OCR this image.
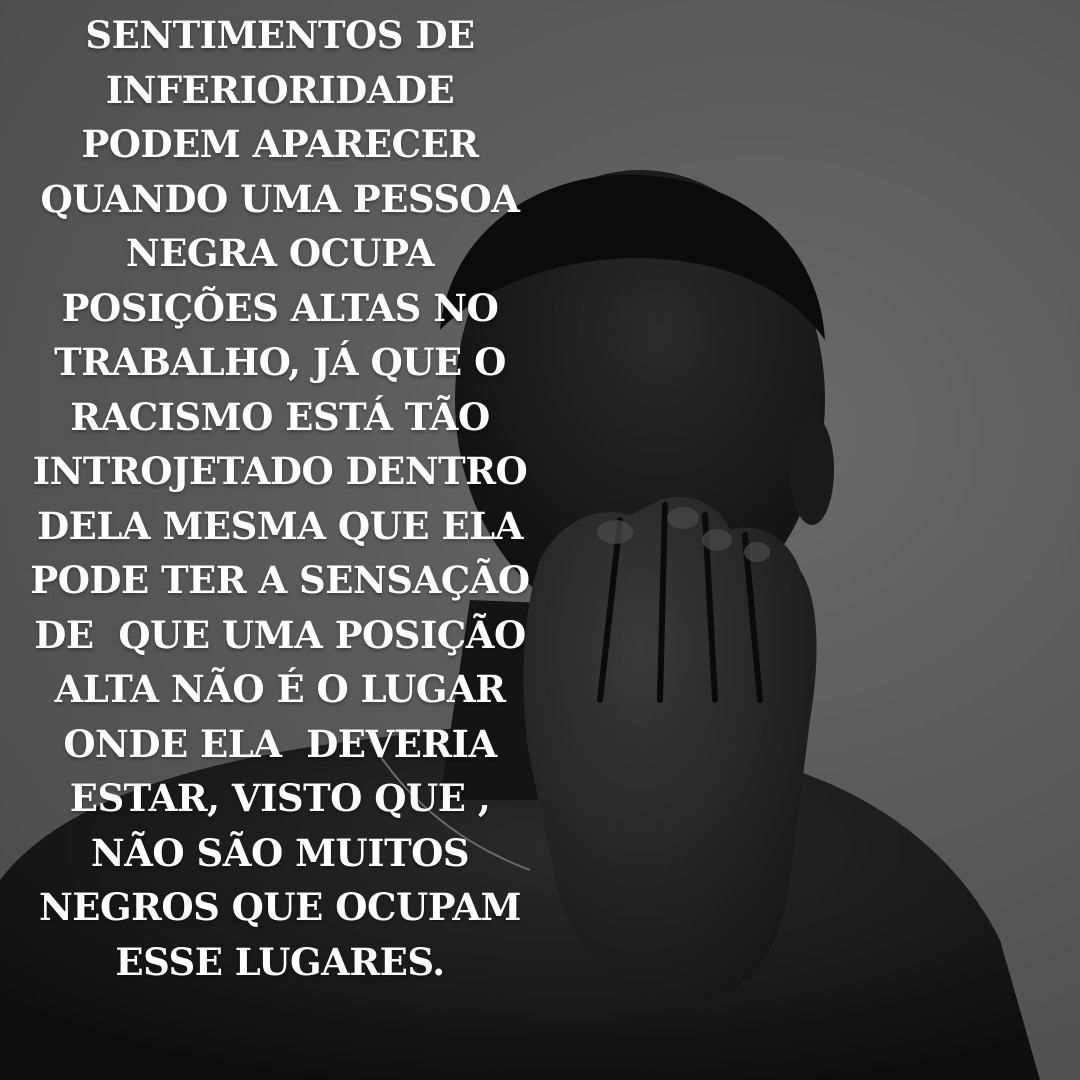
SENTIMENTOS DE
INFERIORIDADE
PODEM APARECER
QUANDO UMA PESSOA
NEGRA OCUPA
POSIÇÕES ALTAS NO
TRABALHO, JÁ QUE O
RACISMO ESTÁ TÃO
INTROJETADO DENTRO
DELA MESMA QUE ELA
PODE TER A SENSAÇÃO
DE  QUE UMA POSIÇÃO
ALTA NÃO É O LUGAR
ONDE ELA  DEVERIA
ESTAR, VISTO QUE ,
NÃO SÃO MUITOS
NEGROS QUE OCUPAM
ESSE LUGARES.
